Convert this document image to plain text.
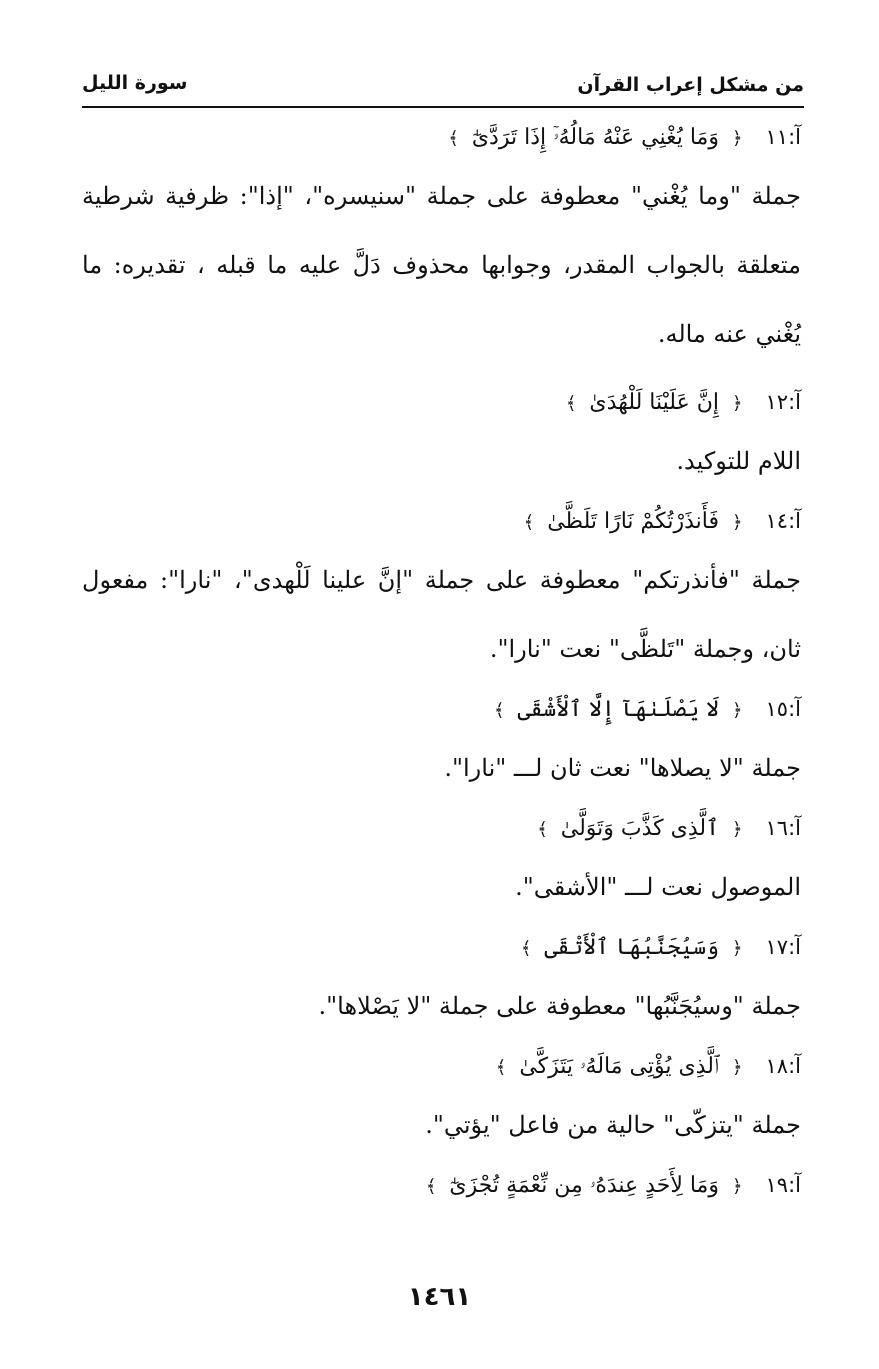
من مشكل إعراب القرآن
سورة الليل
آ:١١ ﴿ وَمَا يُغْنِي عَنْهُ مَالُهُۥٓ إِذَا تَرَدَّىٰٓ ﴾

جملة "وما يُغْني" معطوفة على جملة "سنيسره"، "إذا": ظرفية شرطية متعلقة بالجواب المقدر، وجوابها محذوف دَلَّ عليه ما قبله ، تقديره: ما يُغْني عنه ماله.

آ:١٢ ﴿ إِنَّ عَلَيْنَا لَلْهُدَىٰ ﴾

اللام للتوكيد.

آ:١٤ ﴿ فَأَنذَرْتُكُمْ نَارًا تَلَظَّىٰ ﴾

جملة "فأنذرتكم" معطوفة على جملة "إنَّ علينا لَلْهدى"، "نارا": مفعول ثان، وجملة "تَلظَّى" نعت "نارا".

آ:١٥ ﴿ لَا يَصْلَىٰهَآ إِلَّا ٱلْأَشْقَى ﴾

جملة "لا يصلاها" نعت ثان لـــ "نارا".

آ:١٦ ﴿ ٱلَّذِى كَذَّبَ وَتَوَلَّىٰ ﴾

الموصول نعت لـــ "الأشقى".

آ:١٧ ﴿ وَسَيُجَنَّبُهَا ٱلْأَتْقَى ﴾

جملة "وسيُجَنَّبُها" معطوفة على جملة "لا يَصْلاها".

آ:١٨ ﴿ ٱلَّذِى يُؤْتِى مَالَهُۥ يَتَزَكَّىٰ ﴾

جملة "يتزكّى" حالية من فاعل "يؤتي".

آ:١٩ ﴿ وَمَا لِأَحَدٍ عِندَهُۥ مِن نِّعْمَةٍ تُجْزَىٰٓ ﴾
١٤٦١
